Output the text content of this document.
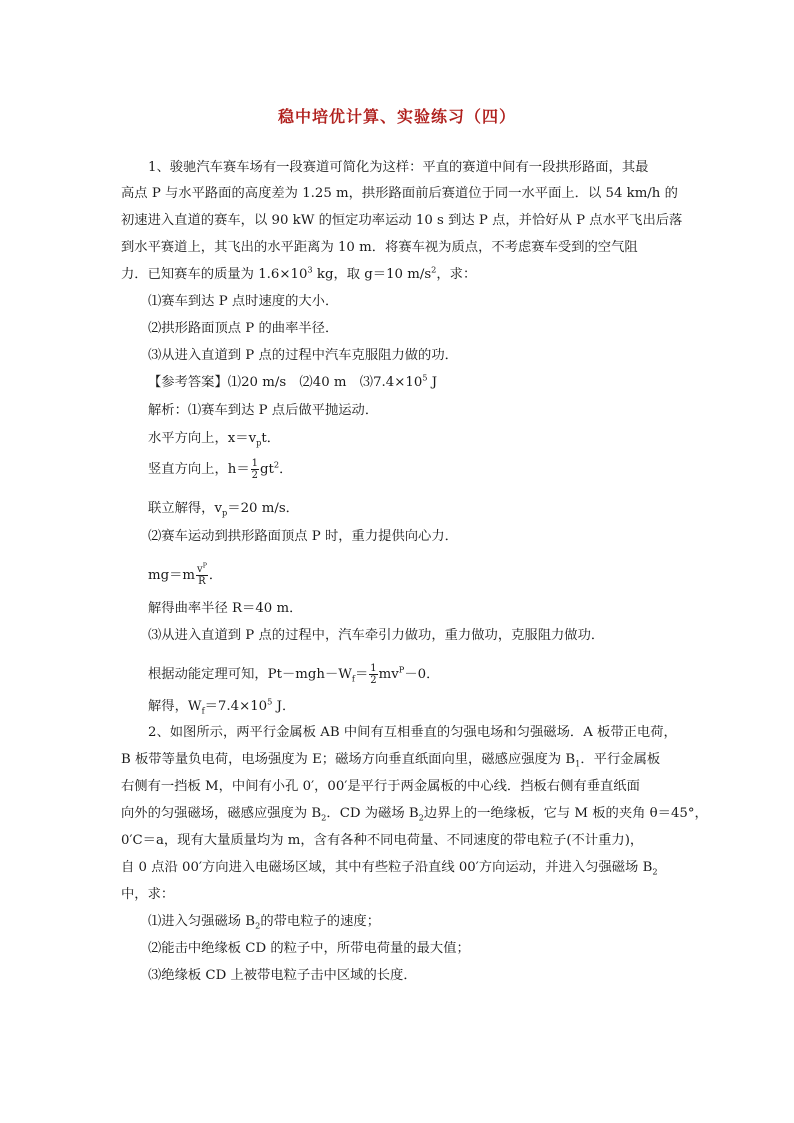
稳中培优计算、实验练习（四）
1、骏驰汽车赛车场有一段赛道可简化为这样：平直的赛道中间有一段拱形路面，其最
高点 P 与水平路面的高度差为 1.25 m，拱形路面前后赛道位于同一水平面上．以 54 km/h 的
初速进入直道的赛车，以 90 kW 的恒定功率运动 10 s 到达 P 点，并恰好从 P 点水平飞出后落
到水平赛道上，其飞出的水平距离为 10 m．将赛车视为质点，不考虑赛车受到的空气阻
力．已知赛车的质量为 $1.6\times 10^3$ kg，取 g＝10 $m/s^2$，求：
⑴赛车到达 P 点时速度的大小．
⑵拱形路面顶点 P 的曲率半径．
⑶从进入直道到 P 点的过程中汽车克服阻力做的功．
【参考答案】⑴20 m/s　⑵40 m　$⑶7.4\times 10^5$ J
解析：⑴赛车到达 P 点后做平抛运动．
水平方向上，$x=v_pt$．
竖直方向上，$h= \frac{1}{2} gt^2$．
联立解得，$v_p=20$ m/s．
⑵赛车运动到拱形路面顶点 P 时，重力提供向心力．
$mg=m \frac{v^P}{R}$ ．
解得曲率半径 R＝40 m．
⑶从进入直道到 P 点的过程中，汽车牵引力做功，重力做功，克服阻力做功．
根据动能定理可知，$Pt-mgh-W_f= \frac{1}{2} mv^P-0$．
解得，$W_f=7.4\times 10^5$ J．
2、如图所示，两平行金属板 AB 中间有互相垂直的匀强电场和匀强磁场．A 板带正电荷，
B 板带等量负电荷，电场强度为 E；磁场方向垂直纸面向里，磁感应强度为 $B_1$．平行金属板
右侧有一挡板 M，中间有小孔 0′，00′是平行于两金属板的中心线．挡板右侧有垂直纸面
向外的匀强磁场，磁感应强度为 $B_2$．CD 为磁场 $B_2$边界上的一绝缘板，它与 M 板的夹角 θ＝45°，
0′C＝a，现有大量质量均为 m，含有各种不同电荷量、不同速度的带电粒子(不计重力)，
自 0 点沿 00′方向进入电磁场区域，其中有些粒子沿直线 00′方向运动，并进入匀强磁场 $B_2$
中，求：
⑴进入匀强磁场 $B_2$的带电粒子的速度；
⑵能击中绝缘板 CD 的粒子中，所带电荷量的最大值；
⑶绝缘板 CD 上被带电粒子击中区域的长度．
